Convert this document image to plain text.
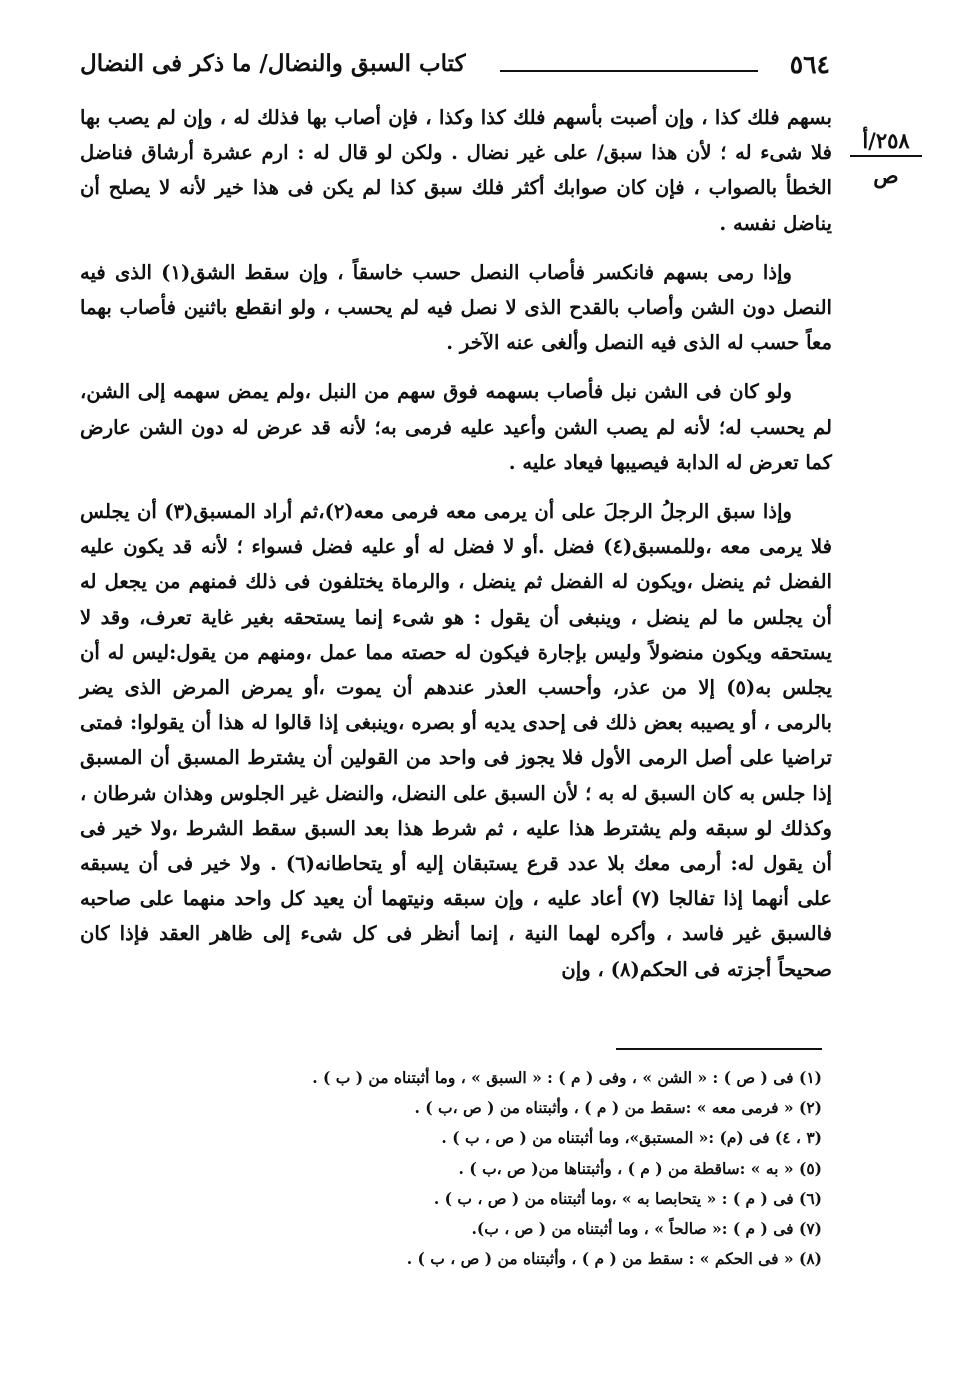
٥٦٤
كتاب السبق والنضال/ ما ذكر فى النضال
٢٥٨/أ
ص

بسهم فلك كذا ، وإن أصبت بأسهم فلك كذا وكذا ، فإن أصاب بها فذلك له ، وإن لم يصب بها فلا شىء له ؛ لأن هذا سبق/ على غير نضال . ولكن لو قال له : ارم عشرة أرشاق فناضل الخطأ بالصواب ، فإن كان صوابك أكثر فلك سبق كذا لم يكن فى هذا خير لأنه لا يصلح أن يناضل نفسه .

وإذا رمى بسهم فانكسر فأصاب النصل حسب خاسقاً ، وإن سقط الشق(١) الذى فيه النصل دون الشن وأصاب بالقدح الذى لا نصل فيه لم يحسب ، ولو انقطع باثنين فأصاب بهما معاً حسب له الذى فيه النصل وألغى عنه الآخر .

ولو كان فى الشن نبل فأصاب بسهمه فوق سهم من النبل ،ولم يمض سهمه إلى الشن، لم يحسب له؛ لأنه لم يصب الشن وأعيد عليه فرمى به؛ لأنه قد عرض له دون الشن عارض كما تعرض له الدابة فيصيبها فيعاد عليه .

وإذا سبق الرجلُ الرجلَ على أن يرمى معه فرمى معه(٢)،ثم أراد المسبق(٣) أن يجلس فلا يرمى معه ،وللمسبق(٤) فضل .أو لا فضل له أو عليه فضل فسواء ؛ لأنه قد يكون عليه الفضل ثم ينضل ،ويكون له الفضل ثم ينضل ، والرماة يختلفون فى ذلك فمنهم من يجعل له أن يجلس ما لم ينضل ، وينبغى أن يقول : هو شىء إنما يستحقه بغير غاية تعرف، وقد لا يستحقه ويكون منضولاً وليس بإجارة فيكون له حصته مما عمل ،ومنهم من يقول:ليس له أن يجلس به(٥) إلا من عذر، وأحسب العذر عندهم أن يموت ،أو يمرض المرض الذى يضر بالرمى ، أو يصيبه بعض ذلك فى إحدى يديه أو بصره ،وينبغى إذا قالوا له هذا أن يقولوا: فمتى تراضيا على أصل الرمى الأول فلا يجوز فى واحد من القولين أن يشترط المسبق أن المسبق إذا جلس به كان السبق له به ؛ لأن السبق على النضل، والنضل غير الجلوس وهذان شرطان ، وكذلك لو سبقه ولم يشترط هذا عليه ، ثم شرط هذا بعد السبق سقط الشرط ،ولا خير فى أن يقول له: أرمى معك بلا عدد قرع يستبقان إليه أو يتحاطانه(٦) . ولا خير فى أن يسبقه على أنهما إذا تفالجا (٧) أعاد عليه ، وإن سبقه ونيتهما أن يعيد كل واحد منهما على صاحبه فالسبق غير فاسد ، وأكره لهما النية ، إنما أنظر فى كل شىء إلى ظاهر العقد فإذا كان صحيحاً أجزته فى الحكم(٨) ، وإن

(١) فى ( ص ) : « الشن » ، وفى ( م ) : « السبق » ، وما أثبتناه من ( ب ) .
(٢) « فرمى معه » :سقط من ( م ) ، وأثبتناه من ( ص ،ب ) .
(٣ ، ٤) فى (م) :« المستبق»، وما أثبتناه من ( ص ، ب ) .
(٥) « به » :ساقطة من ( م ) ، وأثبتناها من( ص ،ب ) .
(٦) فى ( م ) : « يتحابصا به » ،وما أثبتناه من ( ص ، ب ) .
(٧) فى ( م ) :« صالحاً » ، وما أثبتناه من ( ص ، ب).
(٨) « فى الحكم » : سقط من ( م ) ، وأثبتناه من ( ص ، ب ) .
